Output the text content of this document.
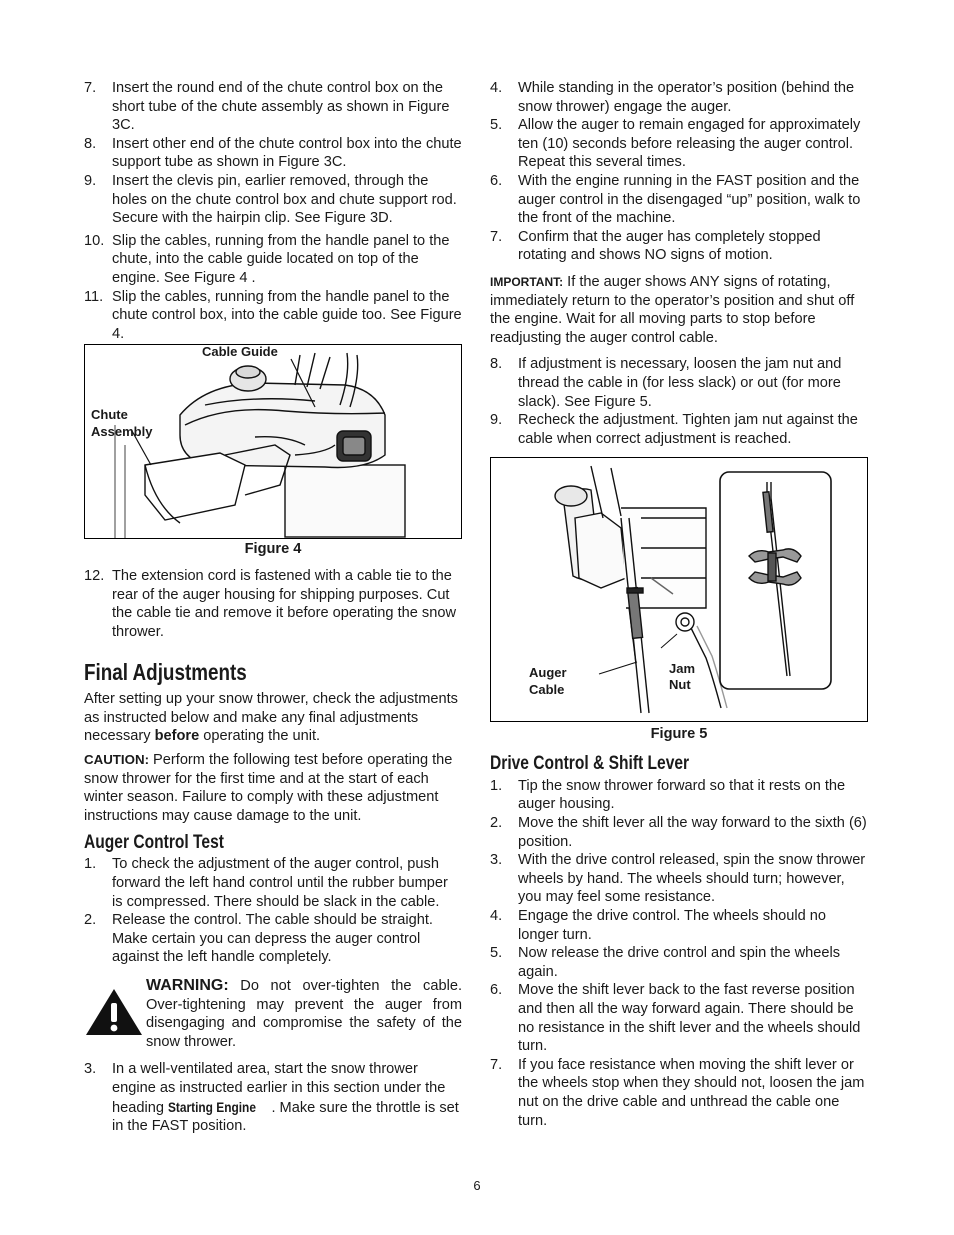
7. Insert the round end of the chute control box on the short tube of the chute assembly as shown in Figure 3C.
8. Insert other end of the chute control box into the chute support tube as shown in Figure 3C.
9. Insert the clevis pin, earlier removed, through the holes on the chute control box and chute support rod. Secure with the hairpin clip. See Figure 3D.
10. Slip the cables, running from the handle panel to the chute, into the cable guide located on top of the engine. See Figure 4 .
11. Slip the cables, running from the handle panel to the chute control box, into the cable guide too. See Figure 4.
Cable Guide
Chute
Assembly
Figure 4
12. The extension cord is fastened with a cable tie to the rear of the auger housing for shipping purposes. Cut the cable tie and remove it before operating the snow thrower.
Final Adjustments

After setting up your snow thrower, check the adjustments as instructed below and make any final adjustments necessary before operating the unit.

CAUTION: Perform the following test before operating the snow thrower for the first time and at the start of each winter season. Failure to comply with these adjustment instructions may cause damage to the unit.

Auger Control Test
1. To check the adjustment of the auger control, push forward the left hand control until the rubber bumper is compressed. There should be slack in the cable.
2. Release the control. The cable should be straight. Make certain you can depress the auger control against the left handle completely.
WARNING: Do not over-tighten the cable. Over-tightening may prevent the auger from disengaging and compromise the safety of the snow thrower.
3. In a well-ventilated area, start the snow thrower engine as instructed earlier in this section under the heading Starting Engine . Make sure the throttle is set in the FAST position.
4. While standing in the operator’s position (behind the snow thrower) engage the auger.
5. Allow the auger to remain engaged for approximately ten (10) seconds before releasing the auger control. Repeat this several times.
6. With the engine running in the FAST position and the auger control in the disengaged “up” position, walk to the front of the machine.
7. Confirm that the auger has completely stopped rotating and shows NO signs of motion.

IMPORTANT: If the auger shows ANY signs of rotating, immediately return to the operator’s position and shut off the engine. Wait for all moving parts to stop before readjusting the auger control cable.

8. If adjustment is necessary, loosen the jam nut and thread the cable in (for less slack) or out (for more slack). See Figure 5.
9. Recheck the adjustment. Tighten jam nut against the cable when correct adjustment is reached.
Auger
Cable
Jam
Nut
Figure 5
Drive Control & Shift Lever
1. Tip the snow thrower forward so that it rests on the auger housing.
2. Move the shift lever all the way forward to the sixth (6) position.
3. With the drive control released, spin the snow thrower wheels by hand. The wheels should turn; however, you may feel some resistance.
4. Engage the drive control. The wheels should no longer turn.
5. Now release the drive control and spin the wheels again.
6. Move the shift lever back to the fast reverse position and then all the way forward again. There should be no resistance in the shift lever and the wheels should turn.
7. If you face resistance when moving the shift lever or the wheels stop when they should not, loosen the jam nut on the drive cable and unthread the cable one turn.
6
